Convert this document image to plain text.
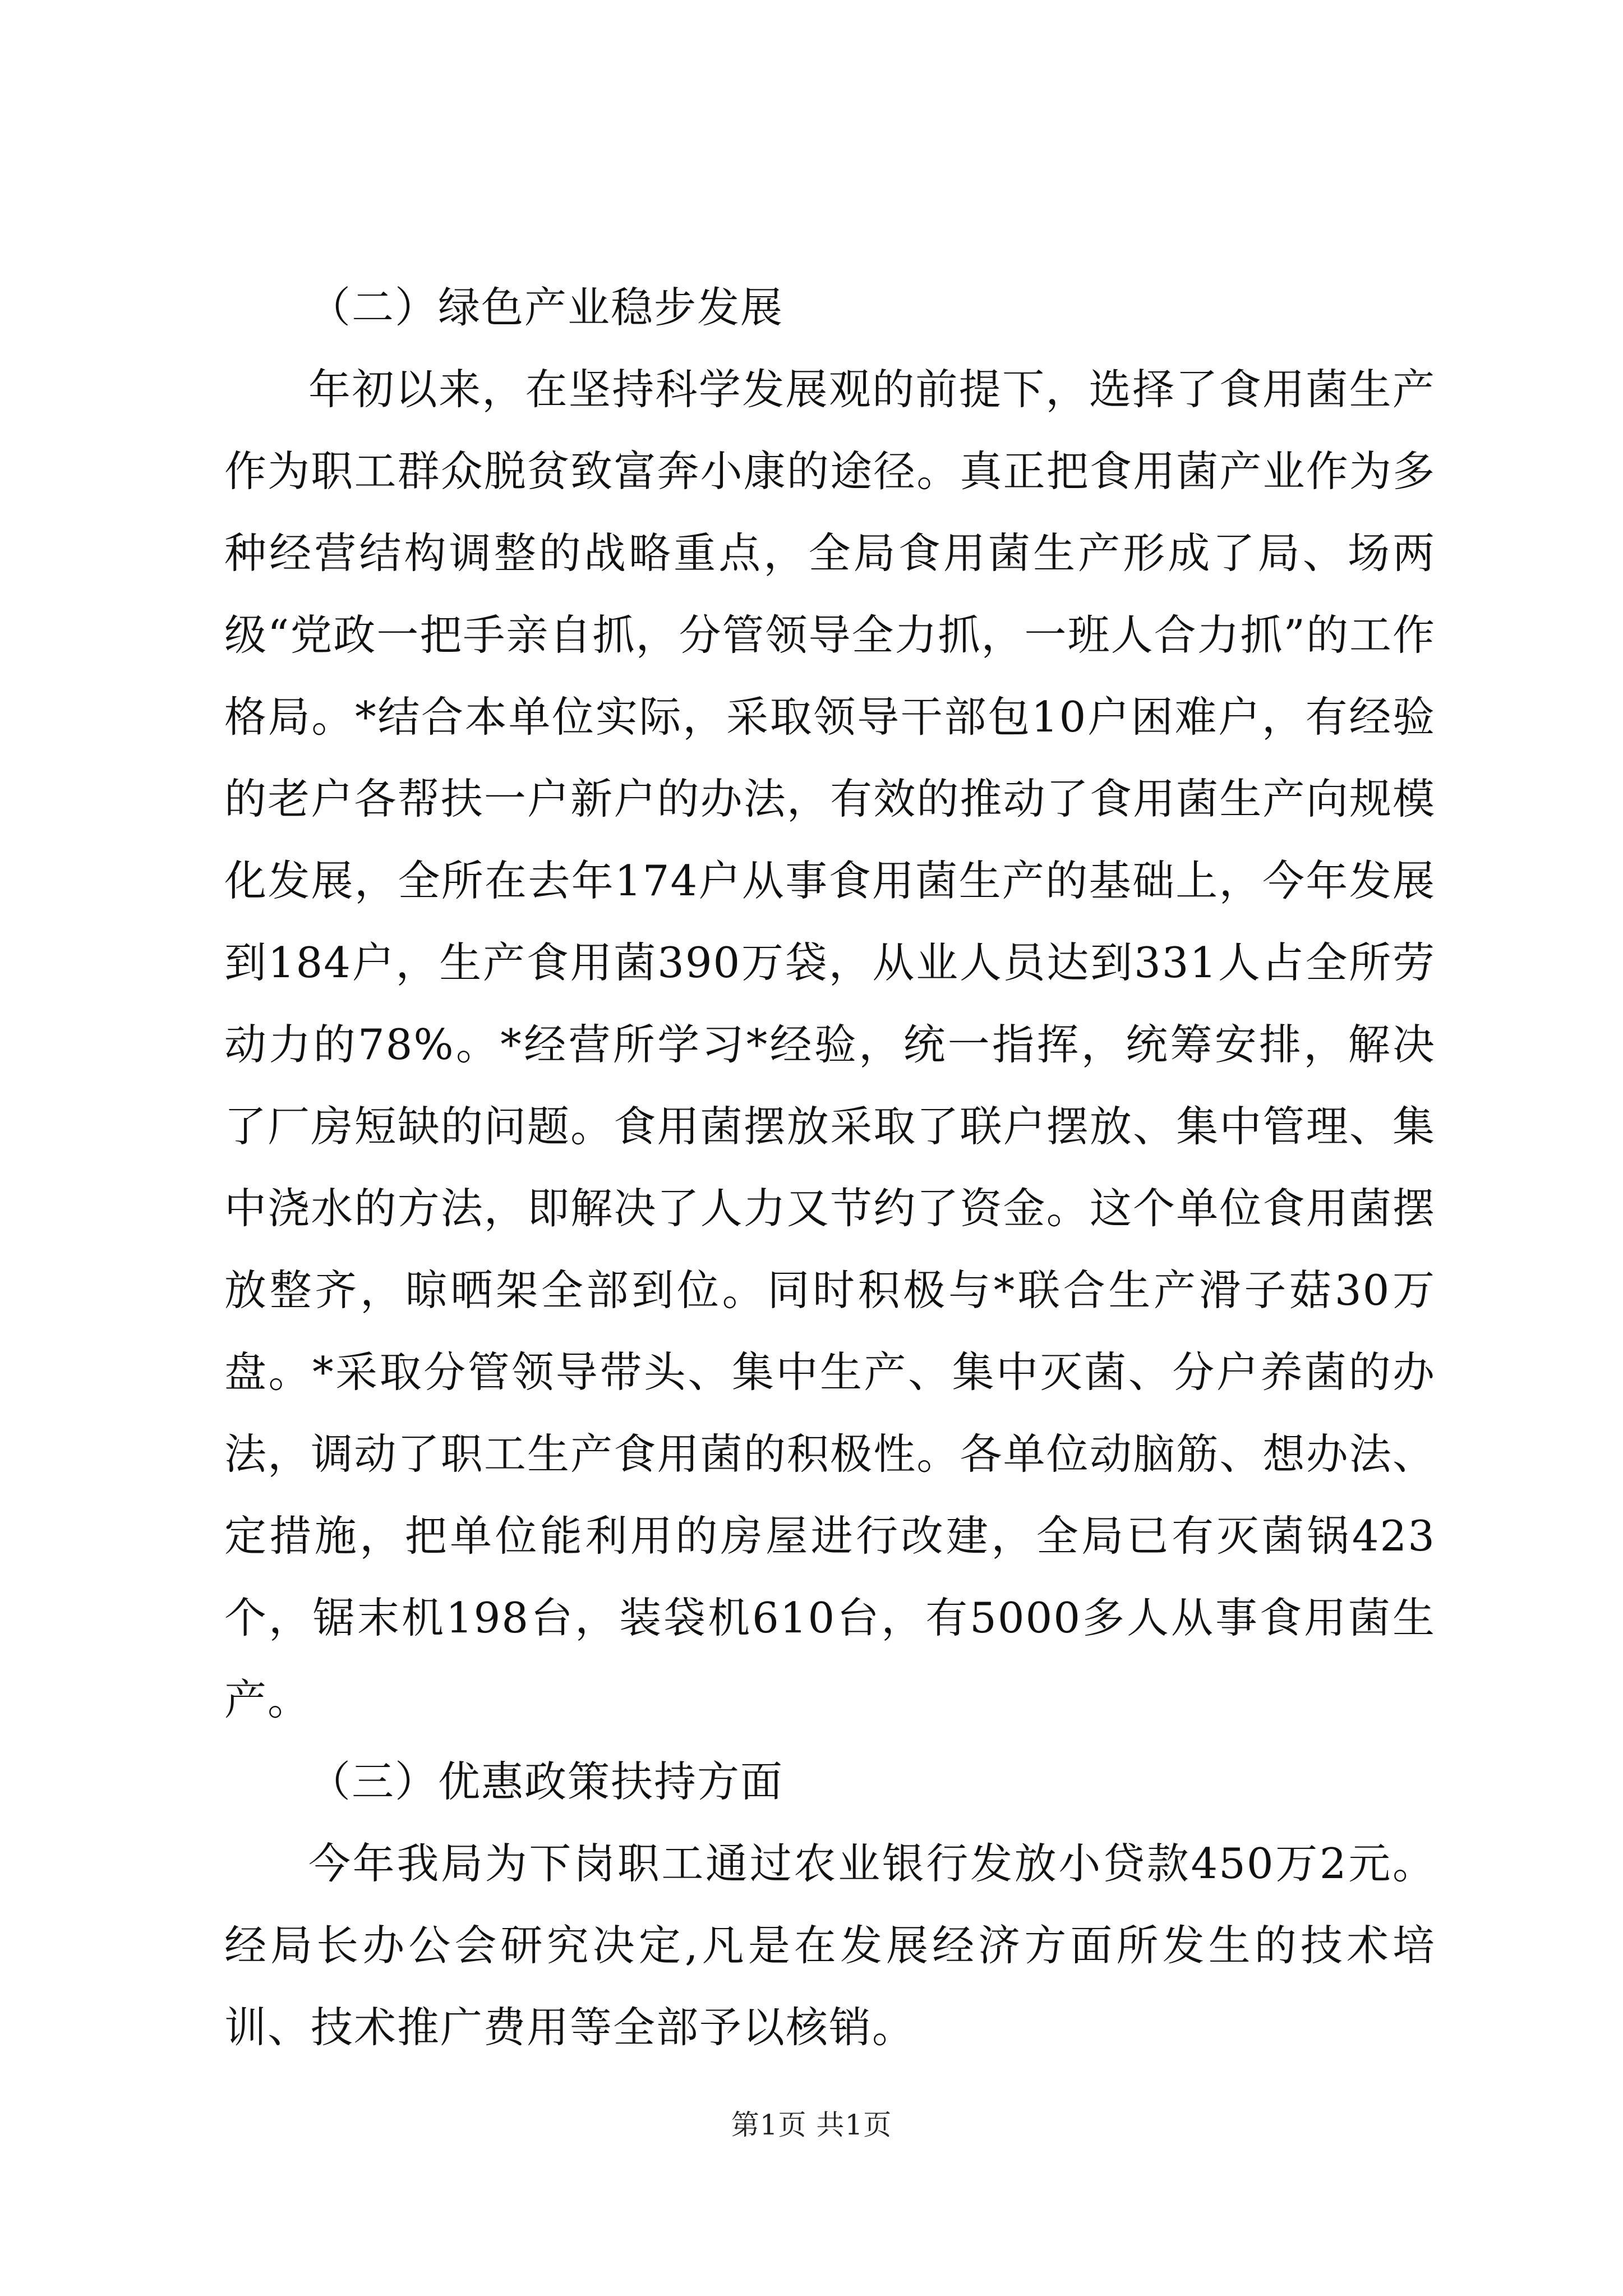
（二）绿色产业稳步发展

年初以来，在坚持科学发展观的前提下，选择了食用菌生产作为职工群众脱贫致富奔小康的途径。真正把食用菌产业作为多种经营结构调整的战略重点，全局食用菌生产形成了局、场两级“党政一把手亲自抓，分管领导全力抓，一班人合力抓”的工作格局。*结合本单位实际，采取领导干部包10户困难户，有经验的老户各帮扶一户新户的办法，有效的推动了食用菌生产向规模化发展，全所在去年174户从事食用菌生产的基础上，今年发展到184户，生产食用菌390万袋，从业人员达到331人占全所劳动力的78%。*经营所学习*经验，统一指挥，统筹安排，解决了厂房短缺的问题。食用菌摆放采取了联户摆放、集中管理、集中浇水的方法，即解决了人力又节约了资金。这个单位食用菌摆放整齐，晾晒架全部到位。同时积极与*联合生产滑子菇30万盘。*采取分管领导带头、集中生产、集中灭菌、分户养菌的办法，调动了职工生产食用菌的积极性。各单位动脑筋、想办法、定措施，把单位能利用的房屋进行改建，全局已有灭菌锅423个，锯末机198台，装袋机610台，有5000多人从事食用菌生产。

（三）优惠政策扶持方面

今年我局为下岗职工通过农业银行发放小贷款450万2元。经局长办公会研究决定,凡是在发展经济方面所发生的技术培训、技术推广费用等全部予以核销。

第1页 共1页
